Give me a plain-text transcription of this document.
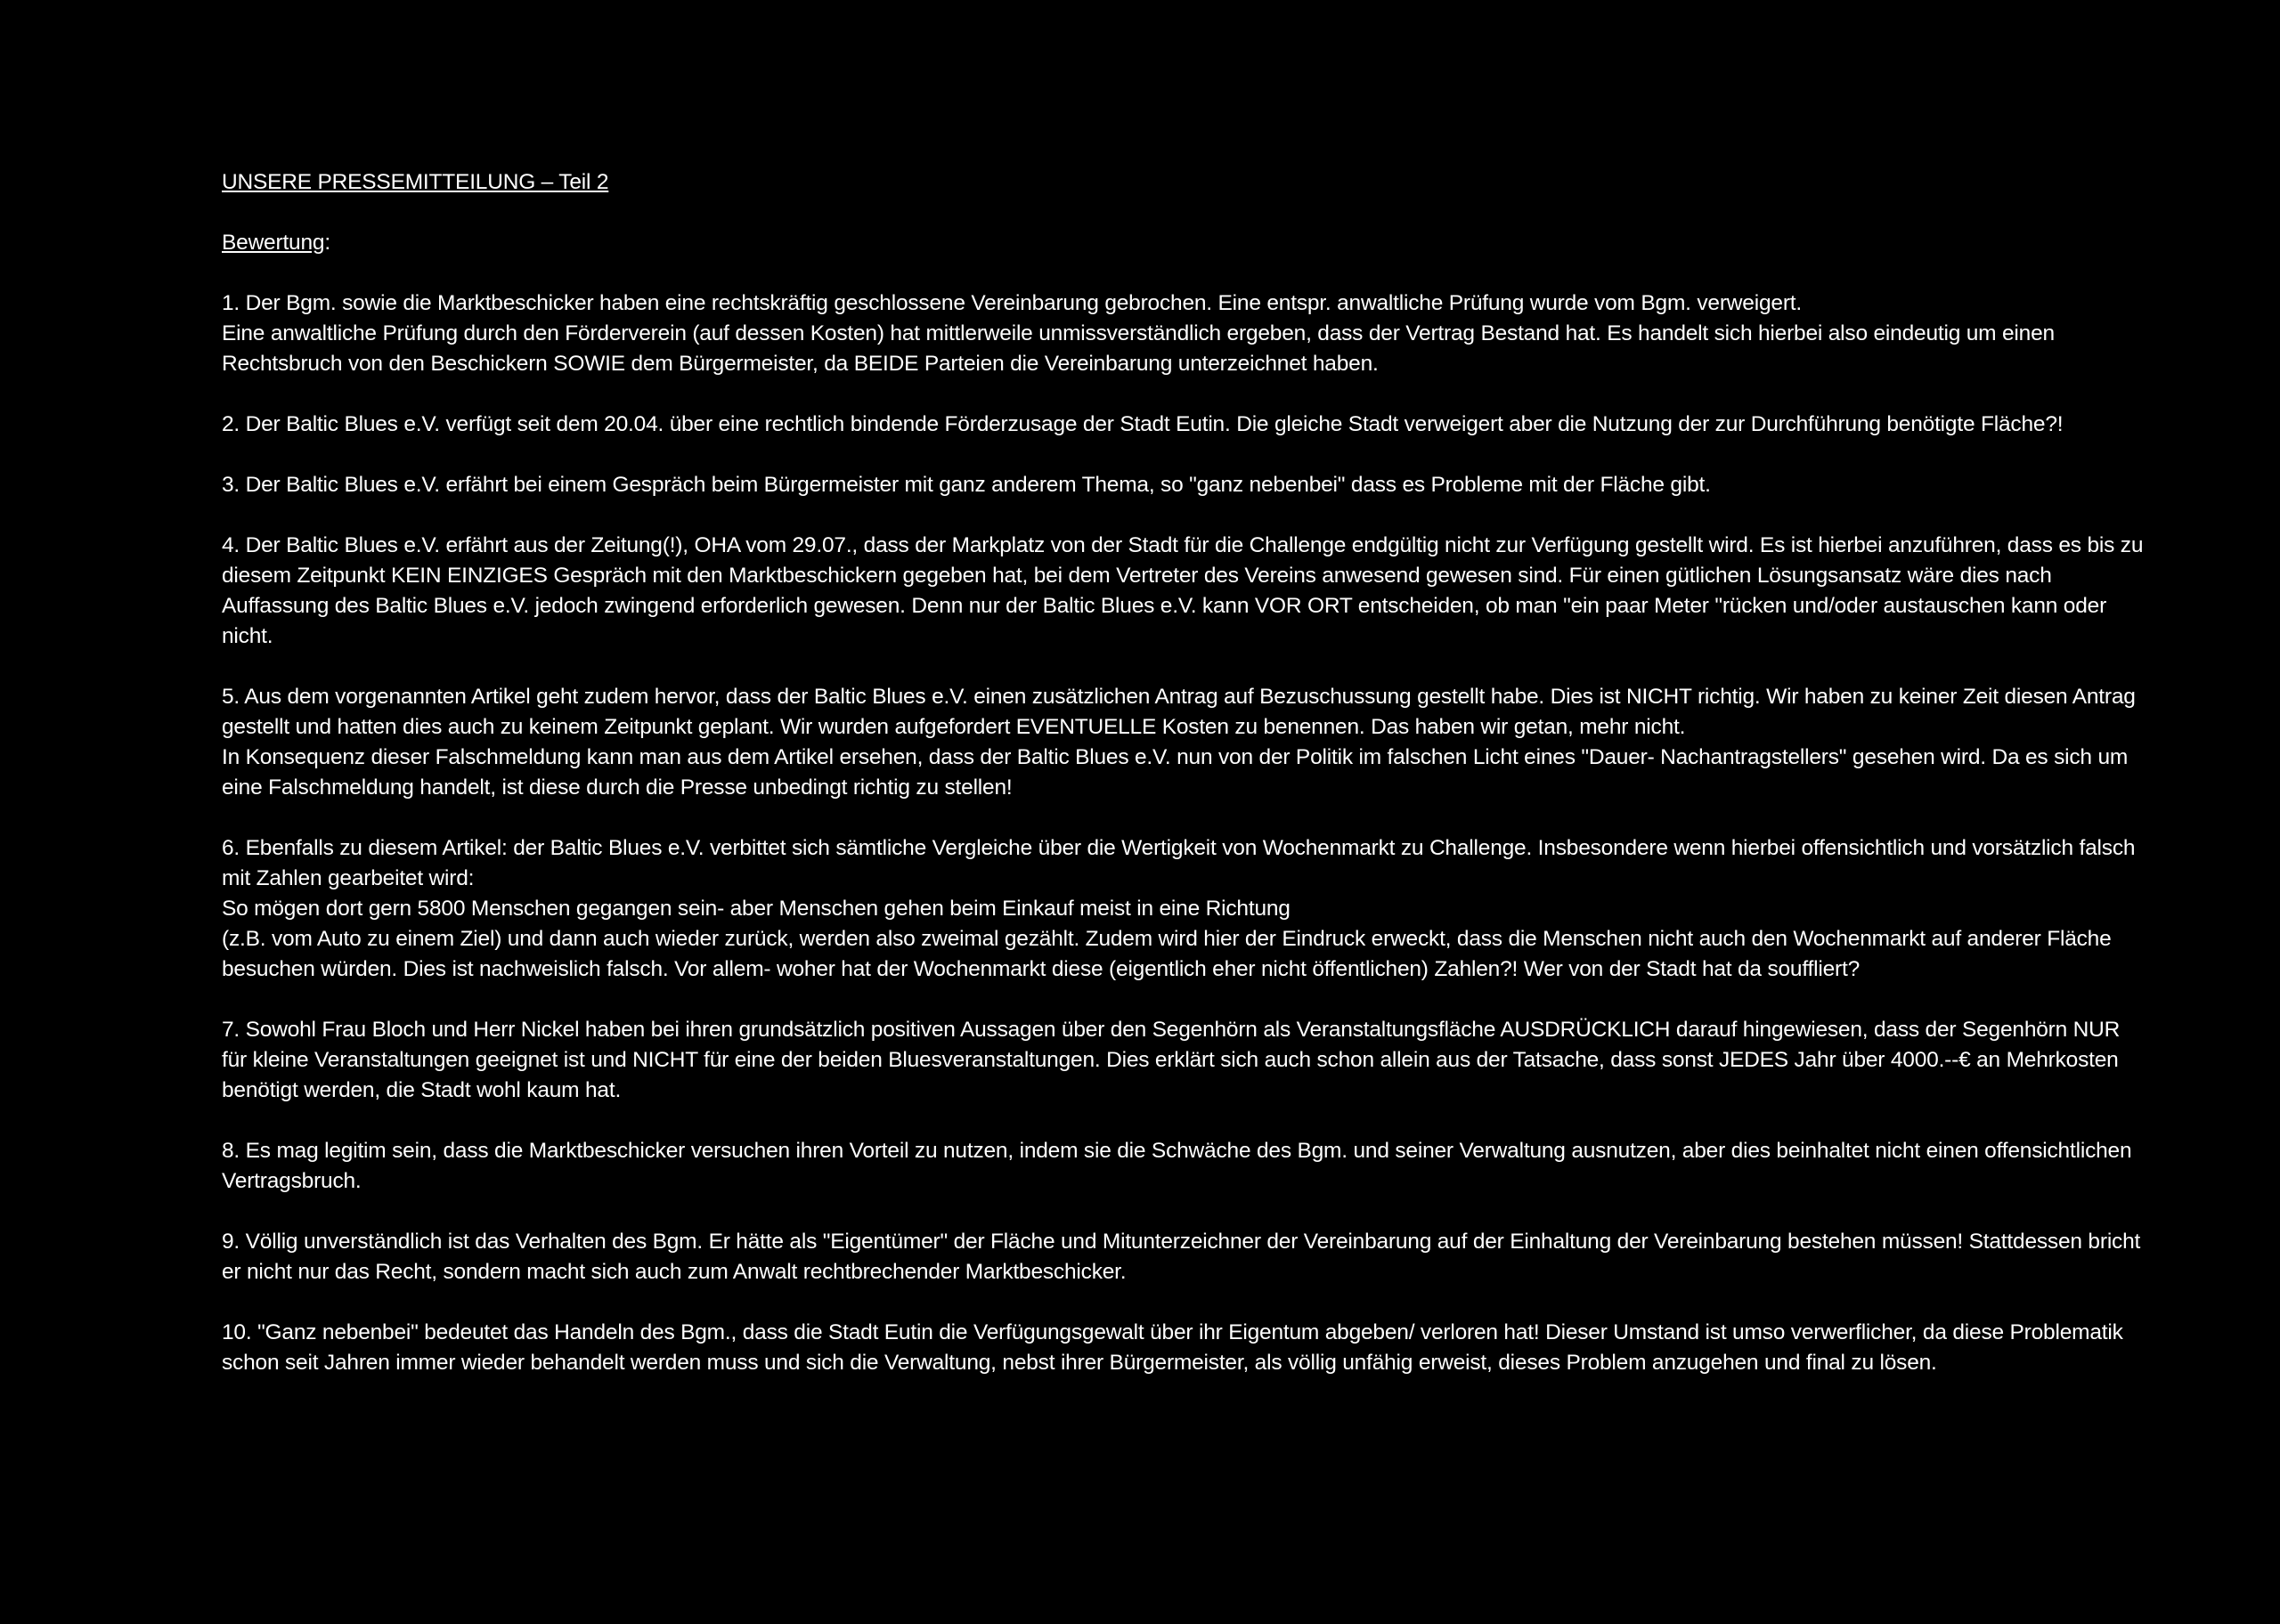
UNSERE PRESSEMITTEILUNG – Teil 2
Bewertung:
1. Der Bgm. sowie die Marktbeschicker haben eine rechtskräftig geschlossene Vereinbarung gebrochen. Eine entspr. anwaltliche Prüfung wurde vom Bgm. verweigert.
Eine anwaltliche Prüfung durch den Förderverein (auf dessen Kosten) hat mittlerweile unmissverständlich ergeben, dass der Vertrag Bestand hat. Es handelt sich hierbei also eindeutig um einen Rechtsbruch von den Beschickern SOWIE dem Bürgermeister, da BEIDE Parteien die Vereinbarung unterzeichnet haben.
2. Der Baltic Blues e.V. verfügt seit dem 20.04. über eine rechtlich bindende Förderzusage der Stadt Eutin. Die gleiche Stadt verweigert aber die Nutzung der zur Durchführung benötigte Fläche?!
3. Der Baltic Blues e.V. erfährt bei einem Gespräch beim Bürgermeister mit ganz anderem Thema, so "ganz nebenbei" dass es Probleme mit der Fläche gibt.
4. Der Baltic Blues e.V. erfährt aus der Zeitung(!), OHA vom 29.07., dass der Markplatz von der Stadt für die Challenge endgültig nicht zur Verfügung gestellt wird. Es ist hierbei anzuführen, dass es bis zu diesem Zeitpunkt KEIN EINZIGES Gespräch mit den Marktbeschickern gegeben hat, bei dem Vertreter des Vereins anwesend gewesen sind. Für einen gütlichen Lösungsansatz wäre dies nach Auffassung des Baltic Blues e.V. jedoch zwingend erforderlich gewesen. Denn nur der Baltic Blues e.V. kann VOR ORT entscheiden, ob man "ein paar Meter "rücken und/oder austauschen kann oder nicht.
5. Aus dem vorgenannten Artikel geht zudem hervor, dass der Baltic Blues e.V. einen zusätzlichen Antrag auf Bezuschussung gestellt habe. Dies ist NICHT richtig. Wir haben zu keiner Zeit diesen Antrag gestellt und hatten dies auch zu keinem Zeitpunkt geplant. Wir wurden aufgefordert EVENTUELLE Kosten zu benennen. Das haben wir getan, mehr nicht.
In Konsequenz dieser Falschmeldung kann man aus dem Artikel ersehen, dass der Baltic Blues e.V. nun von der Politik im falschen Licht eines "Dauer- Nachantragstellers" gesehen wird. Da es sich um eine Falschmeldung handelt, ist diese durch die Presse unbedingt richtig zu stellen!
6. Ebenfalls zu diesem Artikel: der Baltic Blues e.V. verbittet sich sämtliche Vergleiche über die Wertigkeit von Wochenmarkt zu Challenge. Insbesondere wenn hierbei offensichtlich und vorsätzlich falsch mit Zahlen gearbeitet wird:
So mögen dort gern 5800 Menschen gegangen sein- aber Menschen gehen beim Einkauf meist in eine Richtung
(z.B. vom Auto zu einem Ziel) und dann auch wieder zurück, werden also zweimal gezählt. Zudem wird hier der Eindruck erweckt, dass die Menschen nicht auch den Wochenmarkt auf anderer Fläche besuchen würden. Dies ist nachweislich falsch. Vor allem- woher hat der Wochenmarkt diese (eigentlich eher nicht öffentlichen) Zahlen?! Wer von der Stadt hat da souffliert?
7. Sowohl Frau Bloch und Herr Nickel haben bei ihren grundsätzlich positiven Aussagen über den Segenhörn als Veranstaltungsfläche AUSDRÜCKLICH darauf hingewiesen, dass der Segenhörn NUR für kleine Veranstaltungen geeignet ist und NICHT für eine der beiden Bluesveranstaltungen. Dies erklärt sich auch schon allein aus der Tatsache, dass sonst JEDES Jahr über 4000.--€ an Mehrkosten benötigt werden, die Stadt wohl kaum hat.
8. Es mag legitim sein, dass die Marktbeschicker versuchen ihren Vorteil zu nutzen, indem sie die Schwäche des Bgm. und seiner Verwaltung ausnutzen, aber dies beinhaltet nicht einen offensichtlichen Vertragsbruch.
9. Völlig unverständlich ist das Verhalten des Bgm. Er hätte als "Eigentümer" der Fläche und Mitunterzeichner der Vereinbarung auf der Einhaltung der Vereinbarung bestehen müssen! Stattdessen bricht er nicht nur das Recht, sondern macht sich auch zum Anwalt rechtbrechender Marktbeschicker.
10. "Ganz nebenbei" bedeutet das Handeln des Bgm., dass die Stadt Eutin die Verfügungsgewalt über ihr Eigentum abgeben/ verloren hat! Dieser Umstand ist umso verwerflicher, da diese Problematik schon seit Jahren immer wieder behandelt werden muss und sich die Verwaltung, nebst ihrer Bürgermeister, als völlig unfähig erweist, dieses Problem anzugehen und final zu lösen.
